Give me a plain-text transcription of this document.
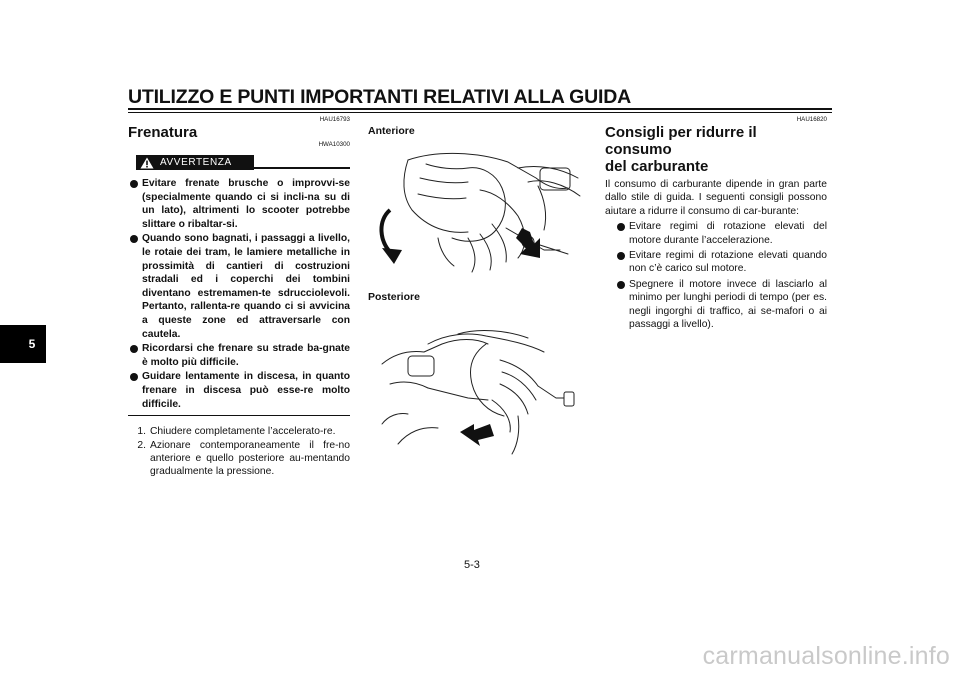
UTILIZZO E PUNTI IMPORTANTI RELATIVI ALLA GUIDA
5
HAU16793
Frenatura
HWA10300
AVVERTENZA
Evitare frenate brusche o improvvi-se (specialmente quando ci si incli-na su di un lato), altrimenti lo scooter potrebbe slittare o ribaltar-si.
Quando sono bagnati, i passaggi a livello, le rotaie dei tram, le lamiere metalliche in prossimità di cantieri di costruzioni stradali ed i coperchi dei tombini diventano estremamen-te sdrucciolevoli. Pertanto, rallenta-re quando ci si avvicina a queste zone ed attraversarle con cautela.
Ricordarsi che frenare su strade ba-gnate è molto più difficile.
Guidare lentamente in discesa, in quanto frenare in discesa può esse-re molto difficile.
1. Chiudere completamente l’accelerato-re.
2. Azionare contemporaneamente il fre-no anteriore e quello posteriore au-mentando gradualmente la pressione.
Anteriore
Posteriore
HAU16820
Consigli per ridurre il consumo
del carburante
Il consumo di carburante dipende in gran parte dallo stile di guida. I seguenti consigli possono aiutare a ridurre il consumo di car-burante:
Evitare regimi di rotazione elevati del motore durante l’accelerazione.
Evitare regimi di rotazione elevati quando non c’è carico sul motore.
Spegnere il motore invece di lasciarlo al minimo per lunghi periodi di tempo (per es. negli ingorghi di traffico, ai se-mafori o ai passaggi a livello).
5-3
carmanualsonline.info
